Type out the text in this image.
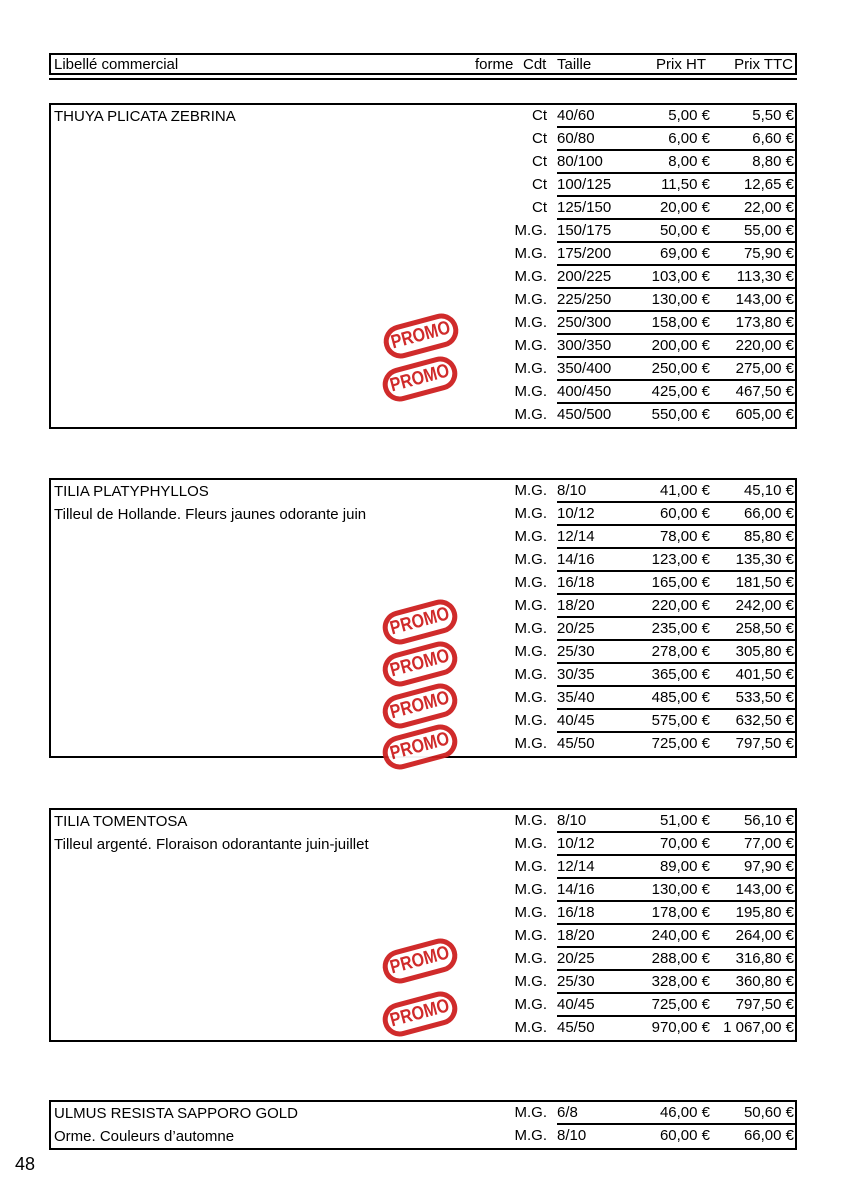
Libellé commercial	forme Cdt Taille	Prix HT Prix TTC
THUYA PLICATA ZEBRINA	Ct 40/60	5,00 €	5,50 €
Ct 60/80	6,00 €	6,60 €
Ct 80/100	8,00 €	8,80 €
Ct 100/125	11,50 €	12,65 €
Ct 125/150	20,00 €	22,00 €
M.G. 150/175	50,00 €	55,00 €
M.G. 175/200	69,00 €	75,90 €
M.G. 200/225	103,00 €	113,30 €
M.G. 225/250	130,00 €	143,00 €
M.G. 250/300	158,00 €	173,80 €
M.G. 300/350	200,00 €	220,00 €
M.G. 350/400	250,00 €	275,00 €
M.G. 400/450	425,00 €	467,50 €
M.G. 450/500	550,00 €	605,00 €
TILIA PLATYPHYLLOS
Tilleul de Hollande. Fleurs jaunes odorante juin
M.G. 8/10	41,00 €	45,10 €
M.G. 10/12	60,00 €	66,00 €
M.G. 12/14	78,00 €	85,80 €
M.G. 14/16	123,00 €	135,30 €
M.G. 16/18	165,00 €	181,50 €
M.G. 18/20	220,00 €	242,00 €
M.G. 20/25	235,00 €	258,50 €
M.G. 25/30	278,00 €	305,80 €
M.G. 30/35	365,00 €	401,50 €
M.G. 35/40	485,00 €	533,50 €
M.G. 40/45	575,00 €	632,50 €
M.G. 45/50	725,00 €	797,50 €
TILIA TOMENTOSA
Tilleul argenté. Floraison odorantante juin-juillet
M.G. 8/10	51,00 €	56,10 €
M.G. 10/12	70,00 €	77,00 €
M.G. 12/14	89,00 €	97,90 €
M.G. 14/16	130,00 €	143,00 €
M.G. 16/18	178,00 €	195,80 €
M.G. 18/20	240,00 €	264,00 €
M.G. 20/25	288,00 €	316,80 €
M.G. 25/30	328,00 €	360,80 €
M.G. 40/45	725,00 €	797,50 €
M.G. 45/50	970,00 € 1 067,00 €
ULMUS RESISTA SAPPORO GOLD
Orme. Couleurs d’automne
M.G. 6/8	46,00 €	50,60 €
M.G. 8/10	60,00 €	66,00 €
PROMO
PROMO
PROMO
PROMO
PROMO
PROMO
PROMO
PROMO
48
